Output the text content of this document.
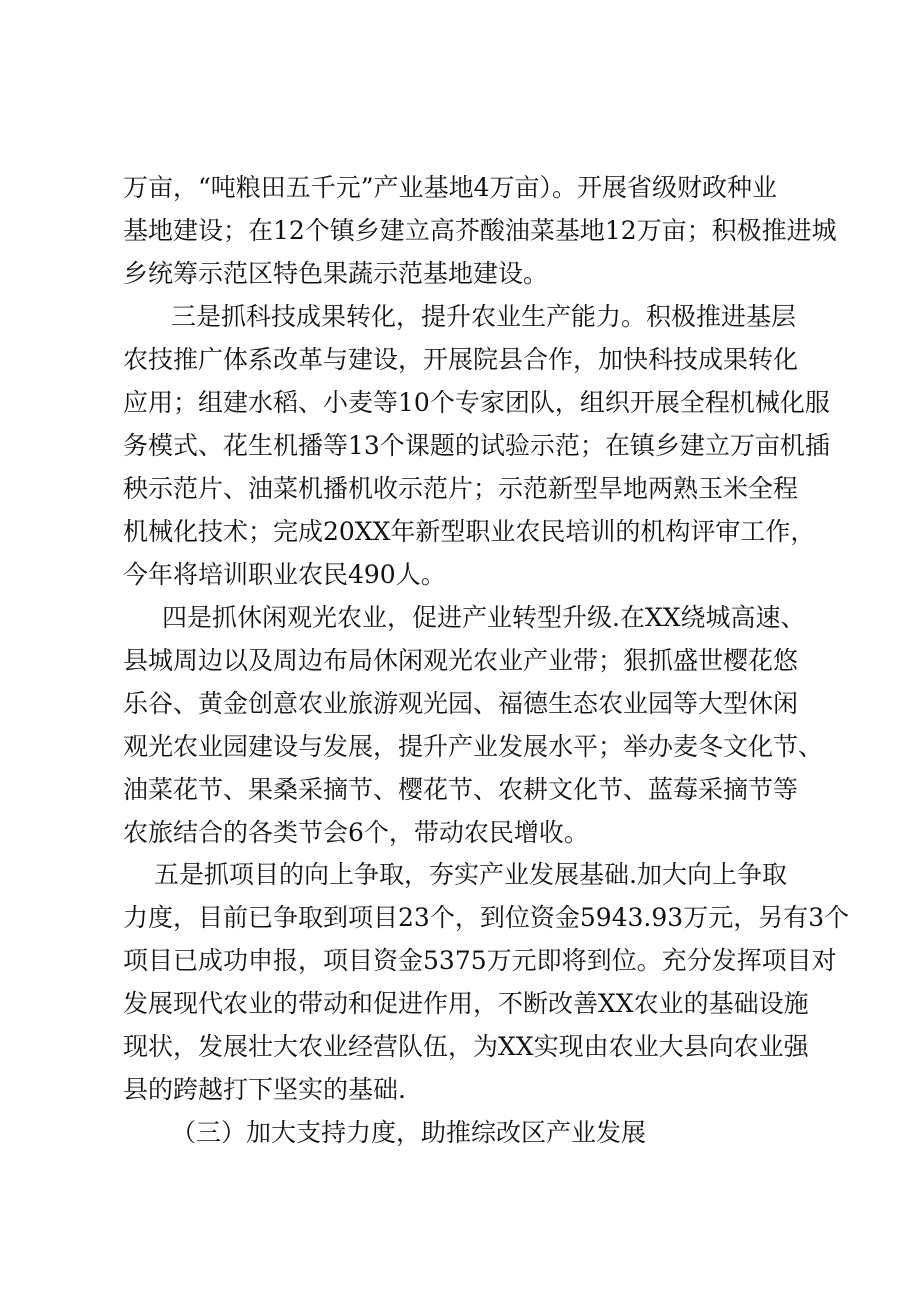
万亩，“吨粮田五千元”产业基地4万亩）。开展省级财政种业
基地建设；在12个镇乡建立高芥酸油菜基地12万亩；积极推进城
乡统筹示范区特色果蔬示范基地建设。
三是抓科技成果转化，提升农业生产能力。积极推进基层
农技推广体系改革与建设，开展院县合作，加快科技成果转化
应用；组建水稻、小麦等10个专家团队，组织开展全程机械化服
务模式、花生机播等13个课题的试验示范；在镇乡建立万亩机插
秧示范片、油菜机播机收示范片；示范新型旱地两熟玉米全程
机械化技术；完成20XX年新型职业农民培训的机构评审工作，
今年将培训职业农民490人。
四是抓休闲观光农业，促进产业转型升级.在XX绕城高速、
县城周边以及周边布局休闲观光农业产业带；狠抓盛世樱花悠
乐谷、黄金创意农业旅游观光园、福德生态农业园等大型休闲
观光农业园建设与发展，提升产业发展水平；举办麦冬文化节、
油菜花节、果桑采摘节、樱花节、农耕文化节、蓝莓采摘节等
农旅结合的各类节会6个，带动农民增收。
五是抓项目的向上争取，夯实产业发展基础.加大向上争取
力度，目前已争取到项目23个，到位资金5943.93万元，另有3个
项目已成功申报，项目资金5375万元即将到位。充分发挥项目对
发展现代农业的带动和促进作用，不断改善XX农业的基础设施
现状，发展壮大农业经营队伍，为XX实现由农业大县向农业强
县的跨越打下坚实的基础.
（三）加大支持力度，助推综改区产业发展
